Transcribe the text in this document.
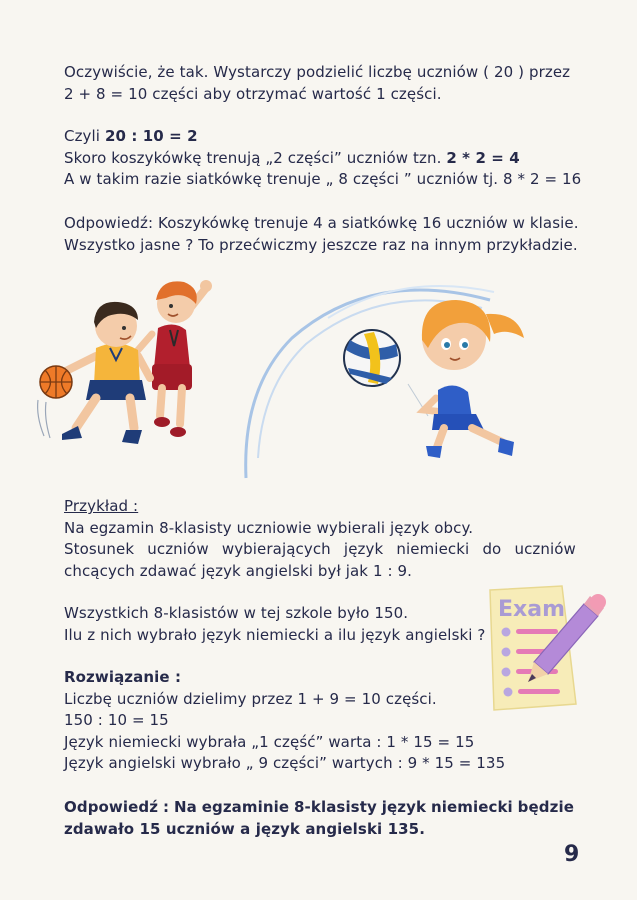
Oczywiście, że tak. Wystarczy podzielić liczbę uczniów ( 20 ) przez
2 + 8 = 10 części aby otrzymać wartość 1 części.
Czyli 20 : 10 = 2
Skoro koszykówkę trenują „2 części” uczniów tzn. 2 * 2 = 4
A w takim razie siatkówkę trenuje „ 8 części ” uczniów tj. 8 * 2 = 16
Odpowiedź: Koszykówkę trenuje 4 a siatkówkę 16 uczniów w klasie.
Wszystko jasne ? To przećwiczmy jeszcze raz na innym przykładzie.
Przykład :
Na egzamin 8-klasisty uczniowie wybierali język obcy.
Stosunek uczniów wybierających język niemiecki do uczniów
chcących zdawać język angielski był jak 1 : 9.
Wszystkich 8-klasistów w tej szkole było 150.
Ilu z nich wybrało język niemiecki a ilu język angielski ?
Exam
Rozwiązanie :
Liczbę uczniów dzielimy przez 1 + 9 = 10 części.
150 : 10 = 15
Język niemiecki wybrała „1 część” warta : 1 * 15 = 15
Język angielski wybrało „ 9 części” wartych : 9 * 15 = 135
Odpowiedź : Na egzaminie 8-klasisty język niemiecki będzie
zdawało 15 uczniów a język angielski 135.
9
